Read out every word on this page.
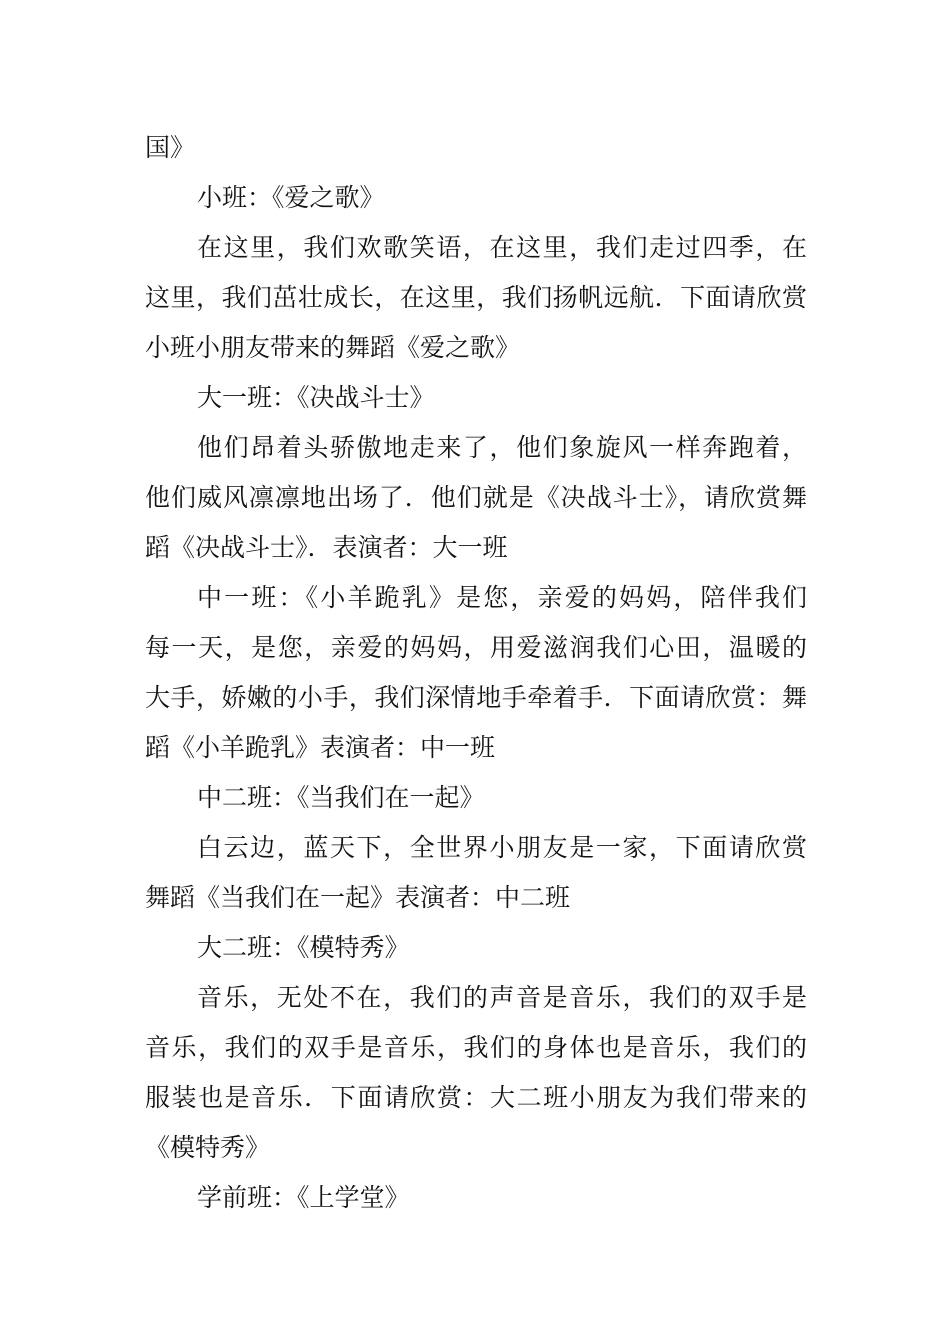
国》
小班：《爱之歌》
在这里，我们欢歌笑语，在这里，我们走过四季，在
这里，我们茁壮成长，在这里，我们扬帆远航．下面请欣赏
小班小朋友带来的舞蹈《爱之歌》
大一班：《决战斗士》
他们昂着头骄傲地走来了，他们象旋风一样奔跑着，
他们威风凛凛地出场了．他们就是《决战斗士》，请欣赏舞
蹈《决战斗士》．表演者：大一班
中一班：《小羊跪乳》是您，亲爱的妈妈，陪伴我们
每一天，是您，亲爱的妈妈，用爱滋润我们心田，温暖的
大手，娇嫩的小手，我们深情地手牵着手．下面请欣赏：舞
蹈《小羊跪乳》表演者：中一班
中二班：《当我们在一起》
白云边，蓝天下，全世界小朋友是一家，下面请欣赏
舞蹈《当我们在一起》表演者：中二班
大二班：《模特秀》
音乐，无处不在，我们的声音是音乐，我们的双手是
音乐，我们的双手是音乐，我们的身体也是音乐，我们的
服装也是音乐．下面请欣赏：大二班小朋友为我们带来的
《模特秀》
学前班：《上学堂》
